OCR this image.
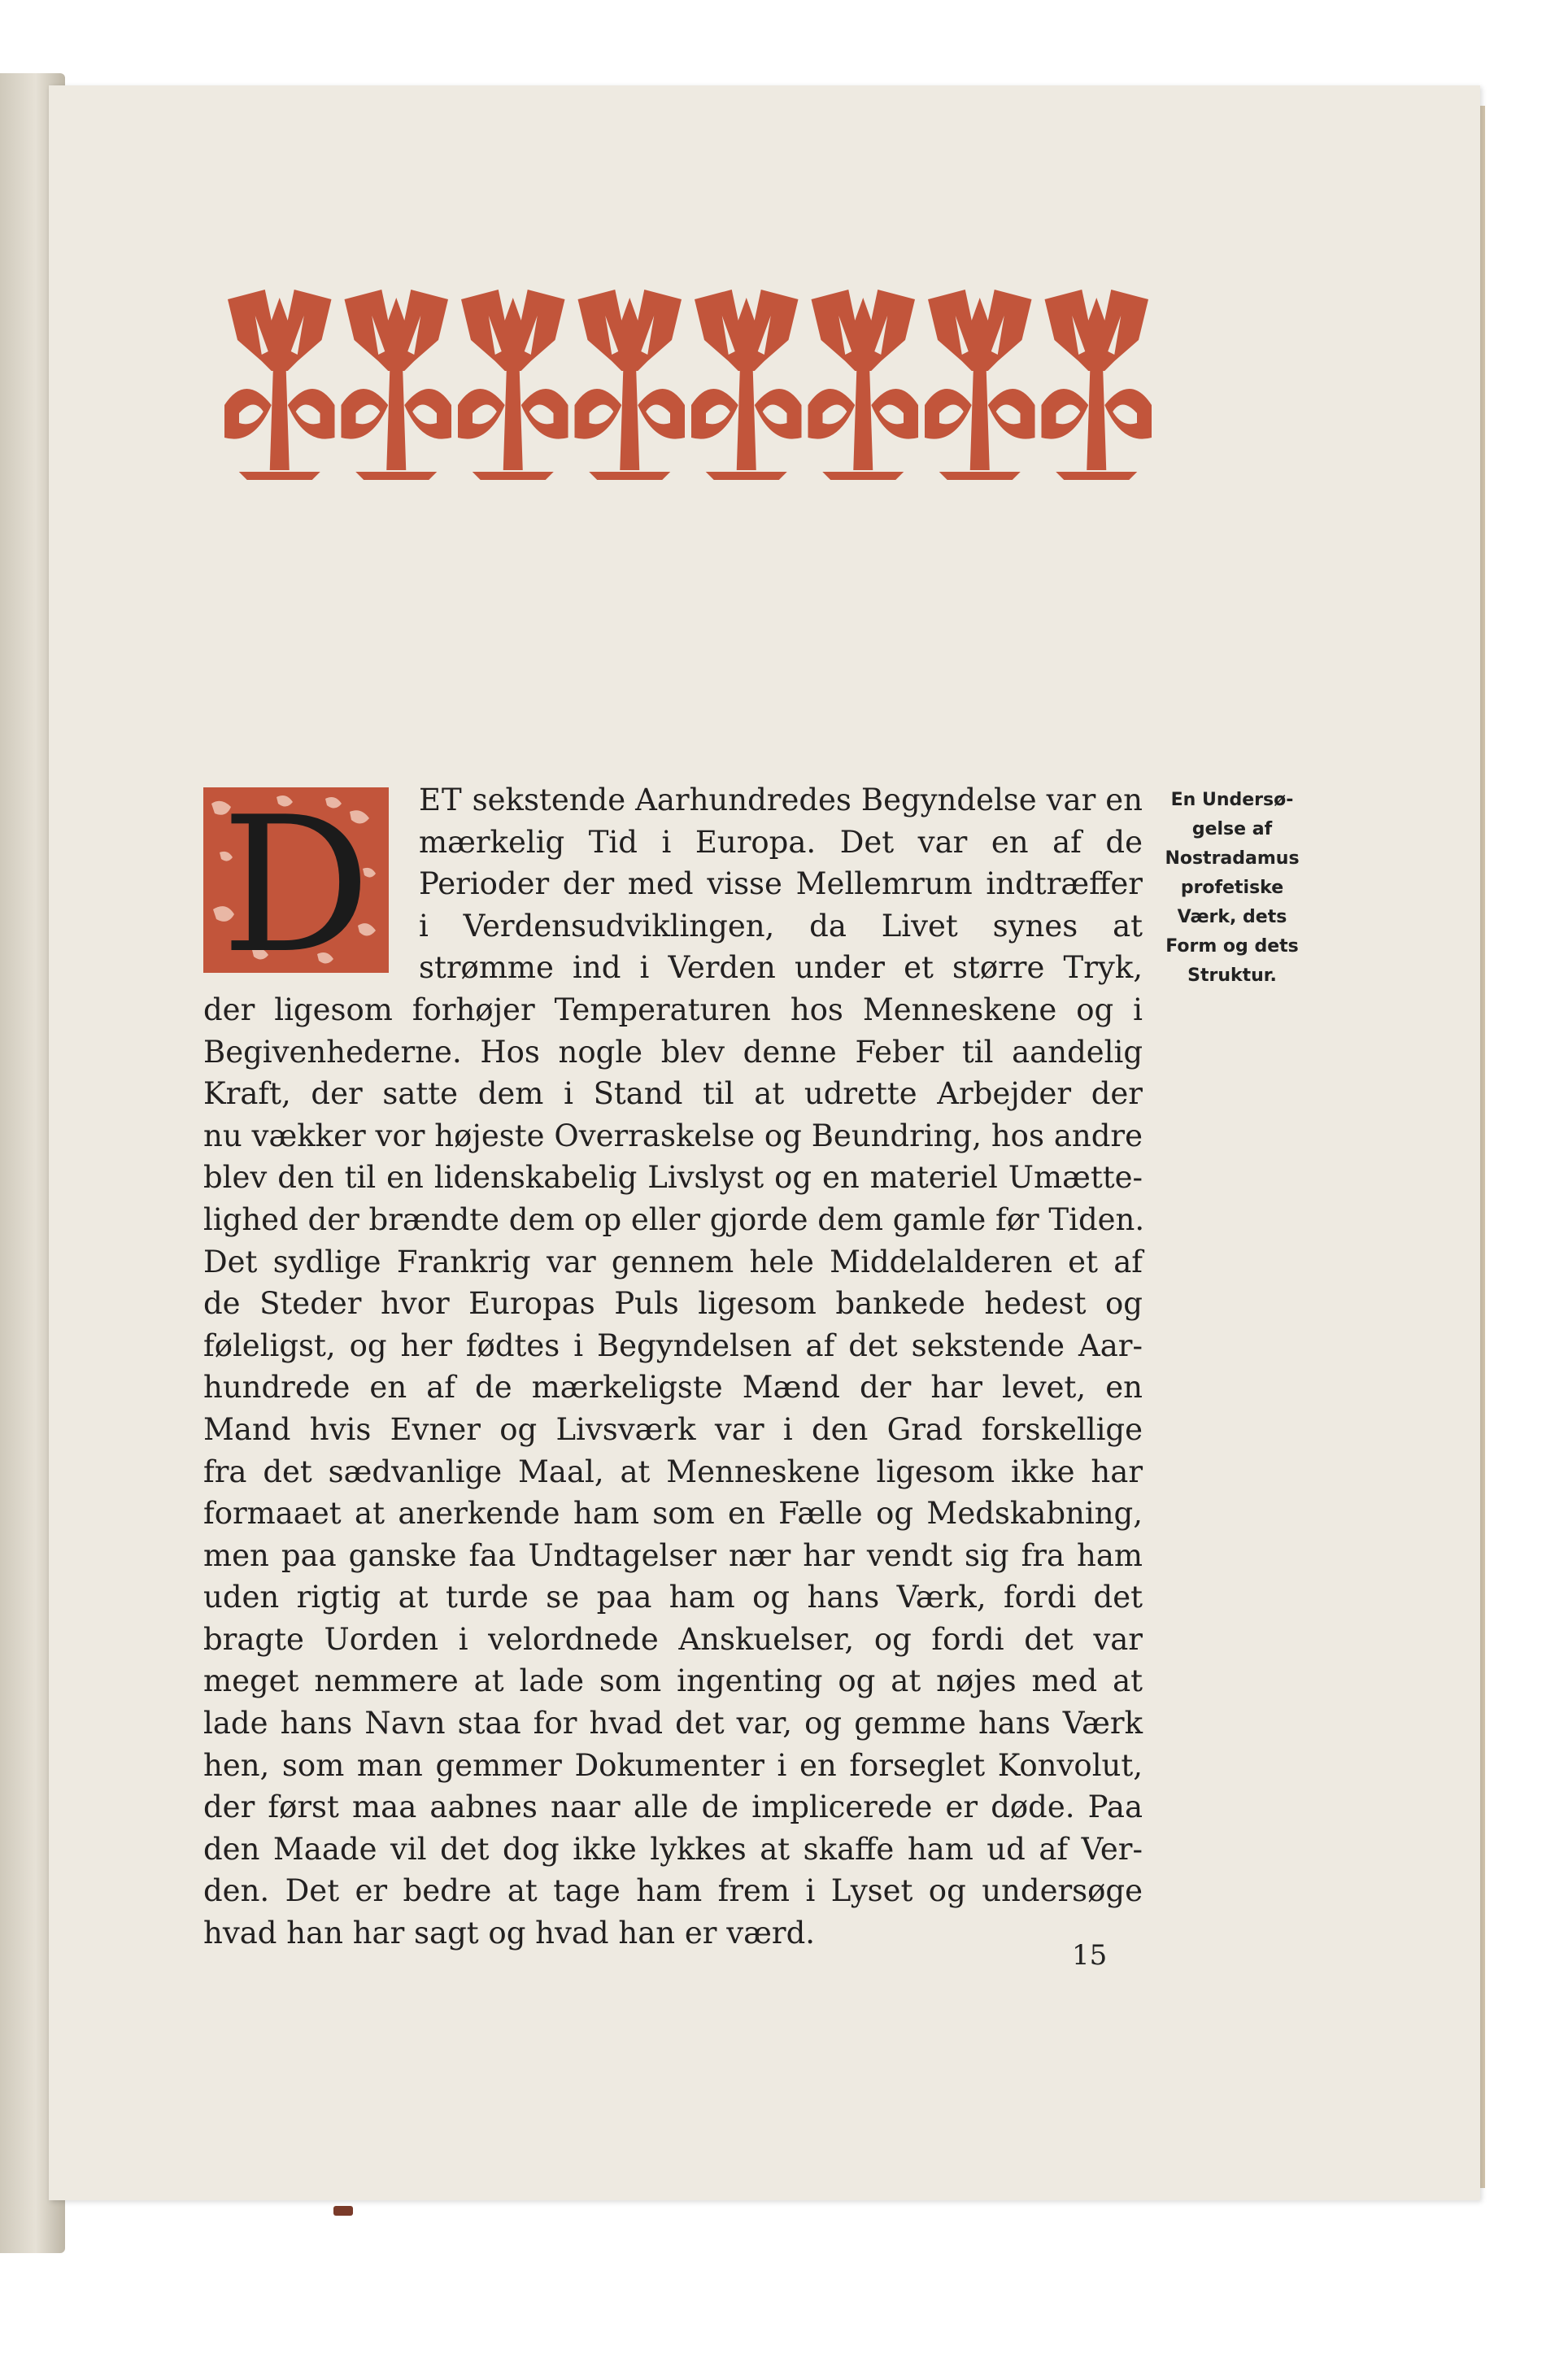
D	ET sekstende Aarhundredes Begyndelse var en
mærkelig Tid i Europa. Det var en af de
Perioder der med visse Mellemrum indtræffer
i Verdensudviklingen, da Livet synes at
strømme ind i Verden under et større Tryk,
der ligesom forhøjer Temperaturen hos Menneskene og i
Begivenhederne. Hos nogle blev denne Feber til aandelig
Kraft, der satte dem i Stand til at udrette Arbejder der
nu vækker vor højeste Overraskelse og Beundring, hos andre
blev den til en lidenskabelig Livslyst og en materiel Umætte-
lighed der brændte dem op eller gjorde dem gamle før Tiden.
Det sydlige Frankrig var gennem hele Middelalderen et af
de Steder hvor Europas Puls ligesom bankede hedest og
føleligst, og her fødtes i Begyndelsen af det sekstende Aar-
hundrede en af de mærkeligste Mænd der har levet, en
Mand hvis Evner og Livsværk var i den Grad forskellige
fra det sædvanlige Maal, at Menneskene ligesom ikke har
formaaet at anerkende ham som en Fælle og Medskabning,
men paa ganske faa Undtagelser nær har vendt sig fra ham
uden rigtig at turde se paa ham og hans Værk, fordi det
bragte Uorden i velordnede Anskuelser, og fordi det var
meget nemmere at lade som ingenting og at nøjes med at
lade hans Navn staa for hvad det var, og gemme hans Værk
hen, som man gemmer Dokumenter i en forseglet Konvolut,
der først maa aabnes naar alle de implicerede er døde. Paa
den Maade vil det dog ikke lykkes at skaffe ham ud af Ver-
den. Det er bedre at tage ham frem i Lyset og undersøge
hvad han har sagt og hvad han er værd.
En Undersø-
gelse af
Nostradamus
profetiske
Værk, dets
Form og dets
Struktur.
15
